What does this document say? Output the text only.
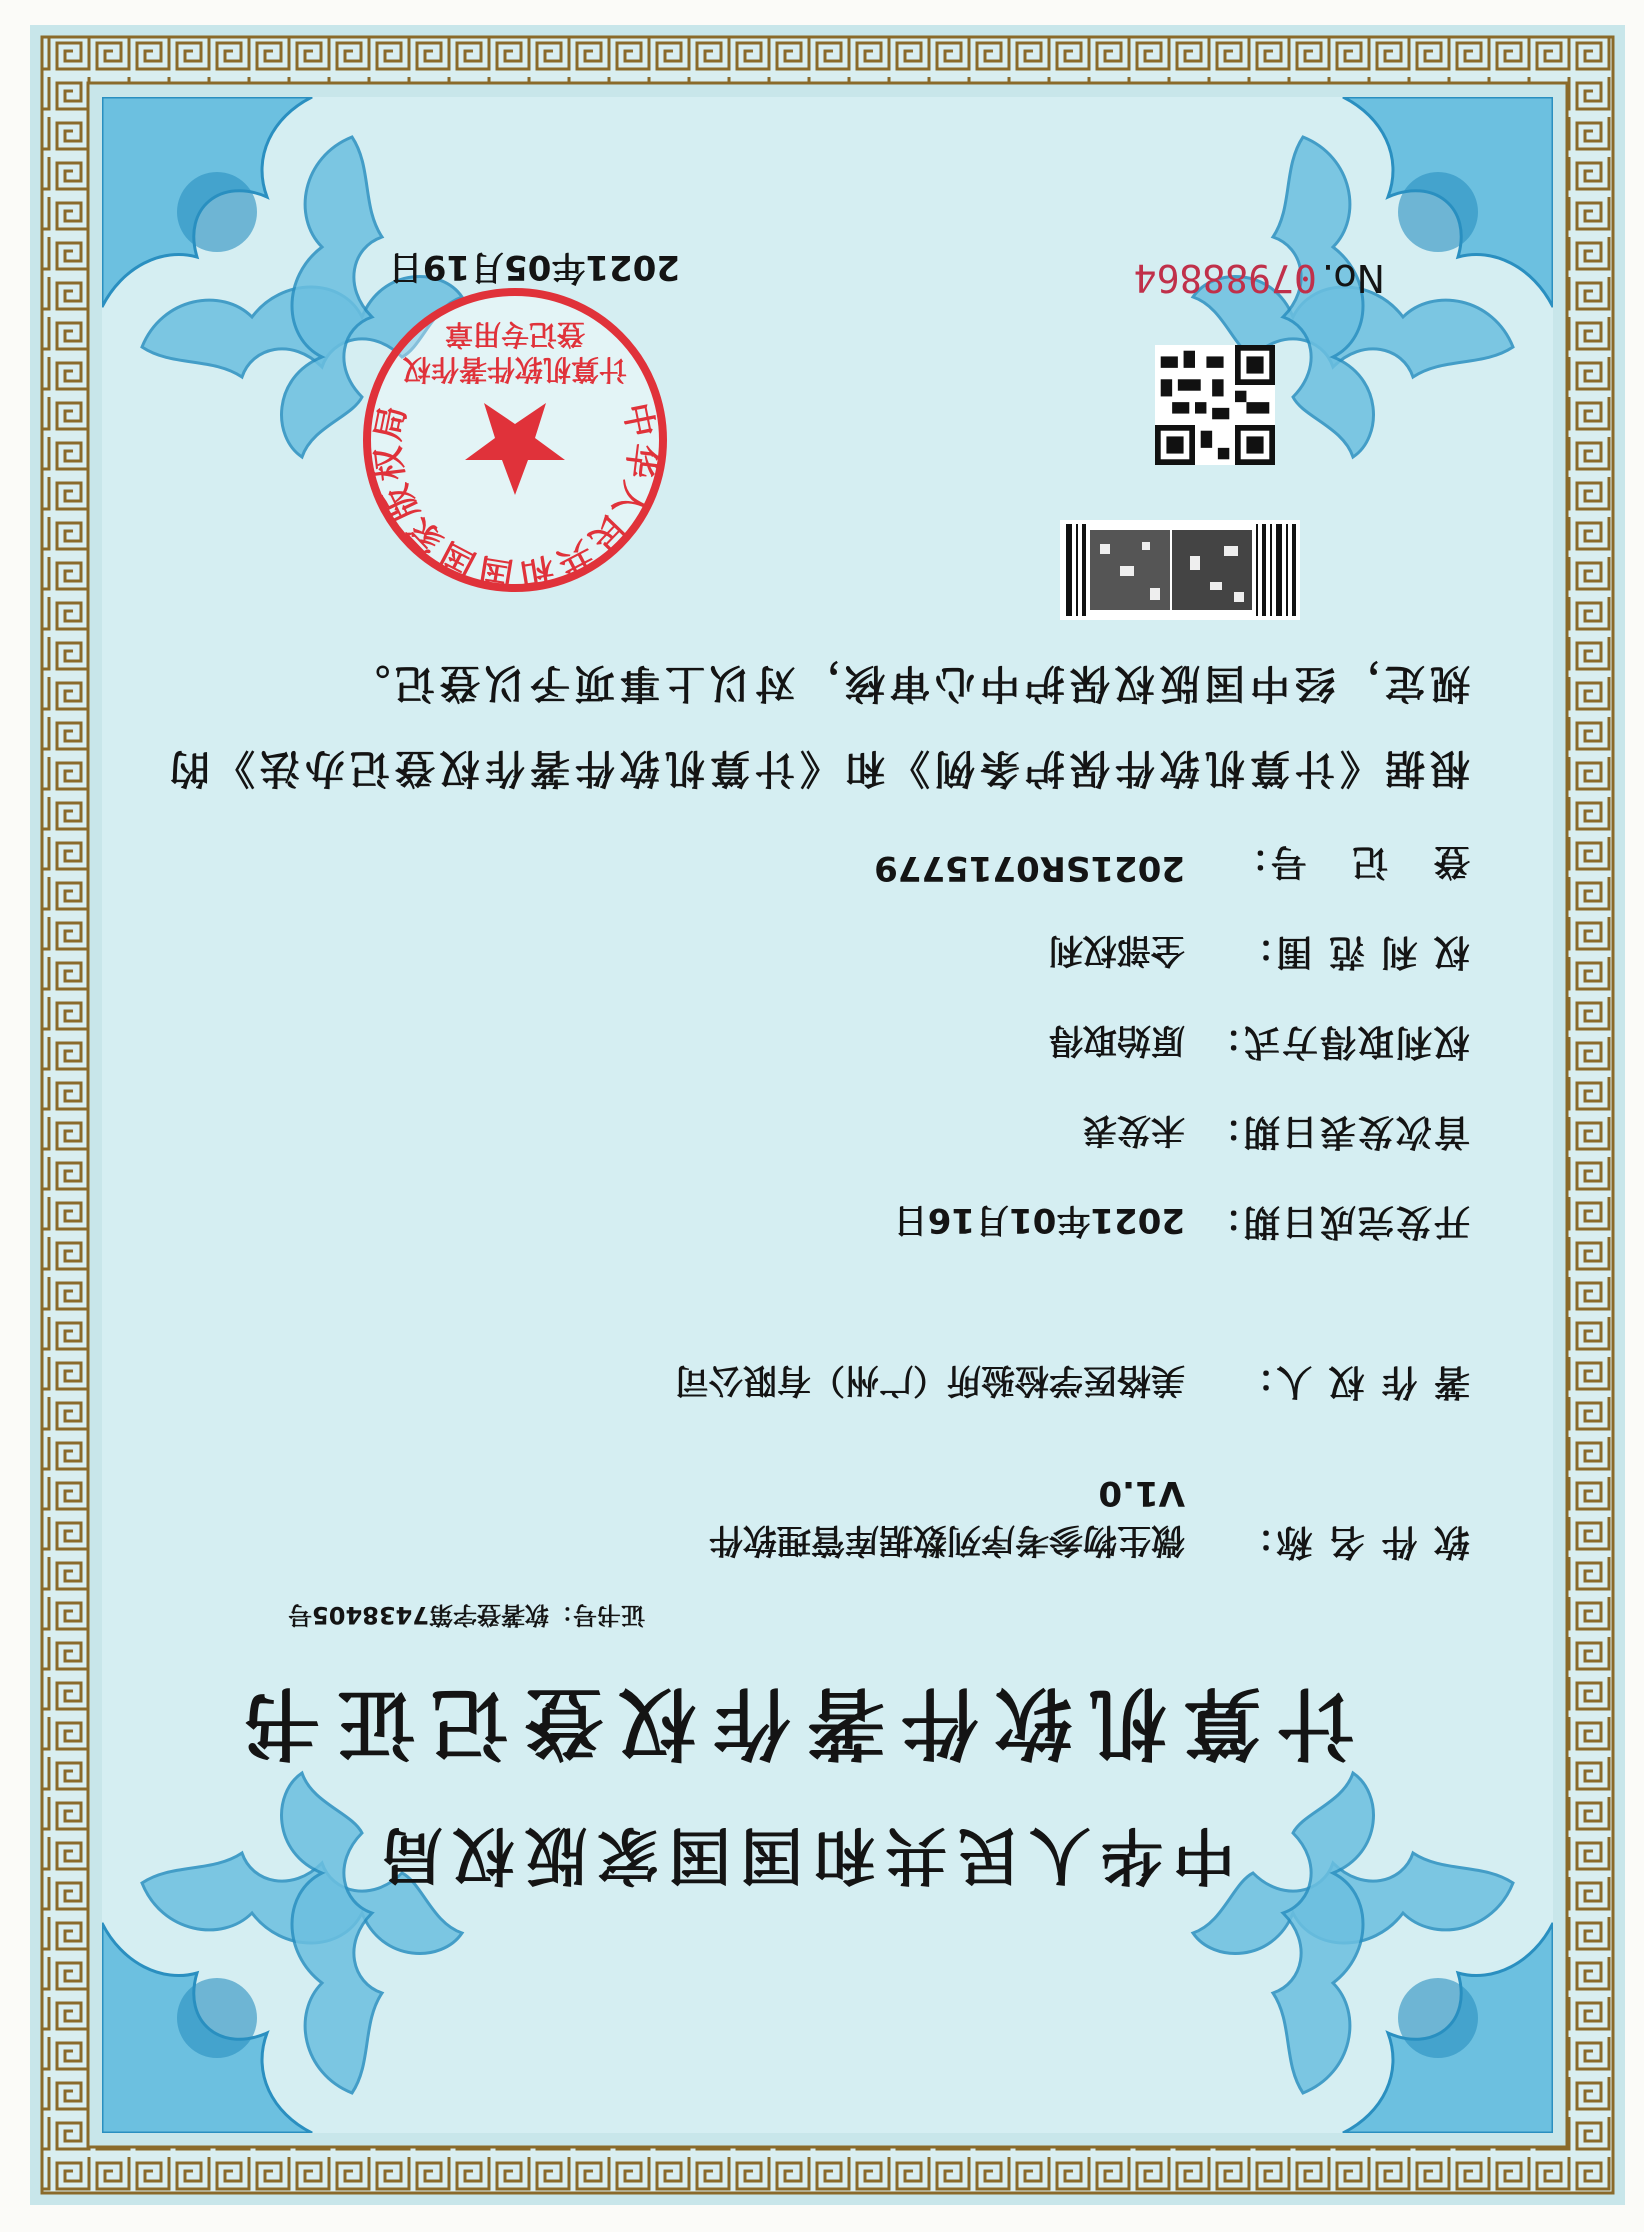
中华人民共和国国家版权局
计算机软件著作权登记证书
证书号：软著登字第7438405号
软 件 名 称：
微生物参考序列数据库管理软件
V1.0
著 作 权 人：
美格医学检验所（广州）有限公司
开发完成日期：
2021年01月16日
首次发表日期：
未发表
权利取得方式：
原始取得
权 利 范 围：
全部权利
登   记   号：
2021SR0715779
根据《计算机软件保护条例》和《计算机软件著作权登记办法》的
规定，经中国版权保护中心审核，对以上事项予以登记。
No. 07988864
2021年05月19日
中华人民共和国国家版权局
计算机软件著作权
登记专用章
